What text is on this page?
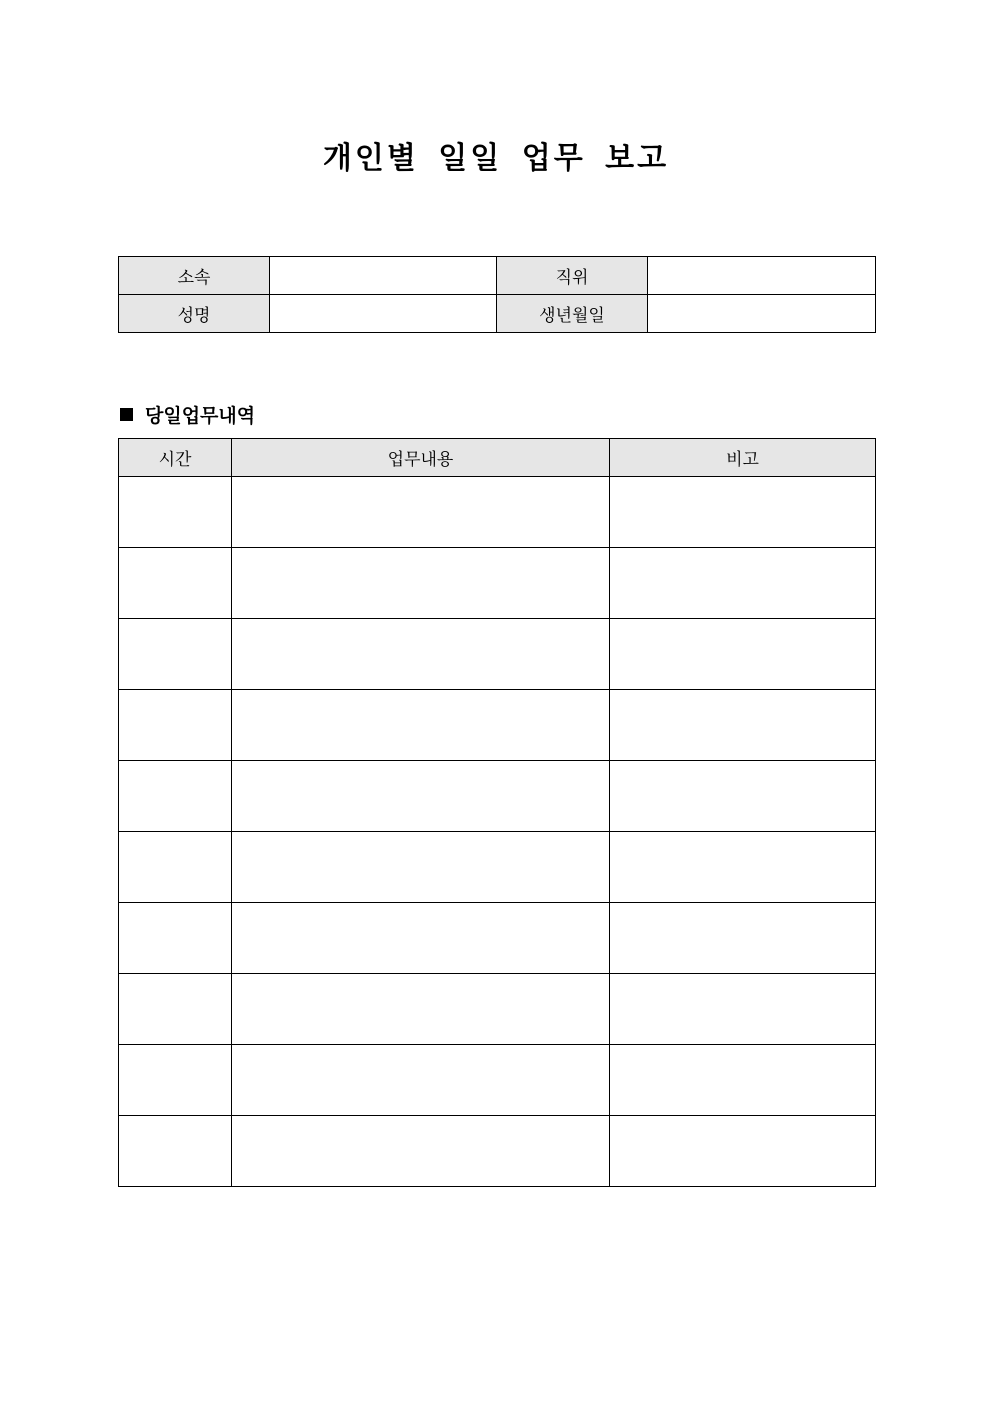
개인별 일일 업무 보고
소속		직위	
성명		생년월일	
당일업무내역
시간	업무내용	비고
